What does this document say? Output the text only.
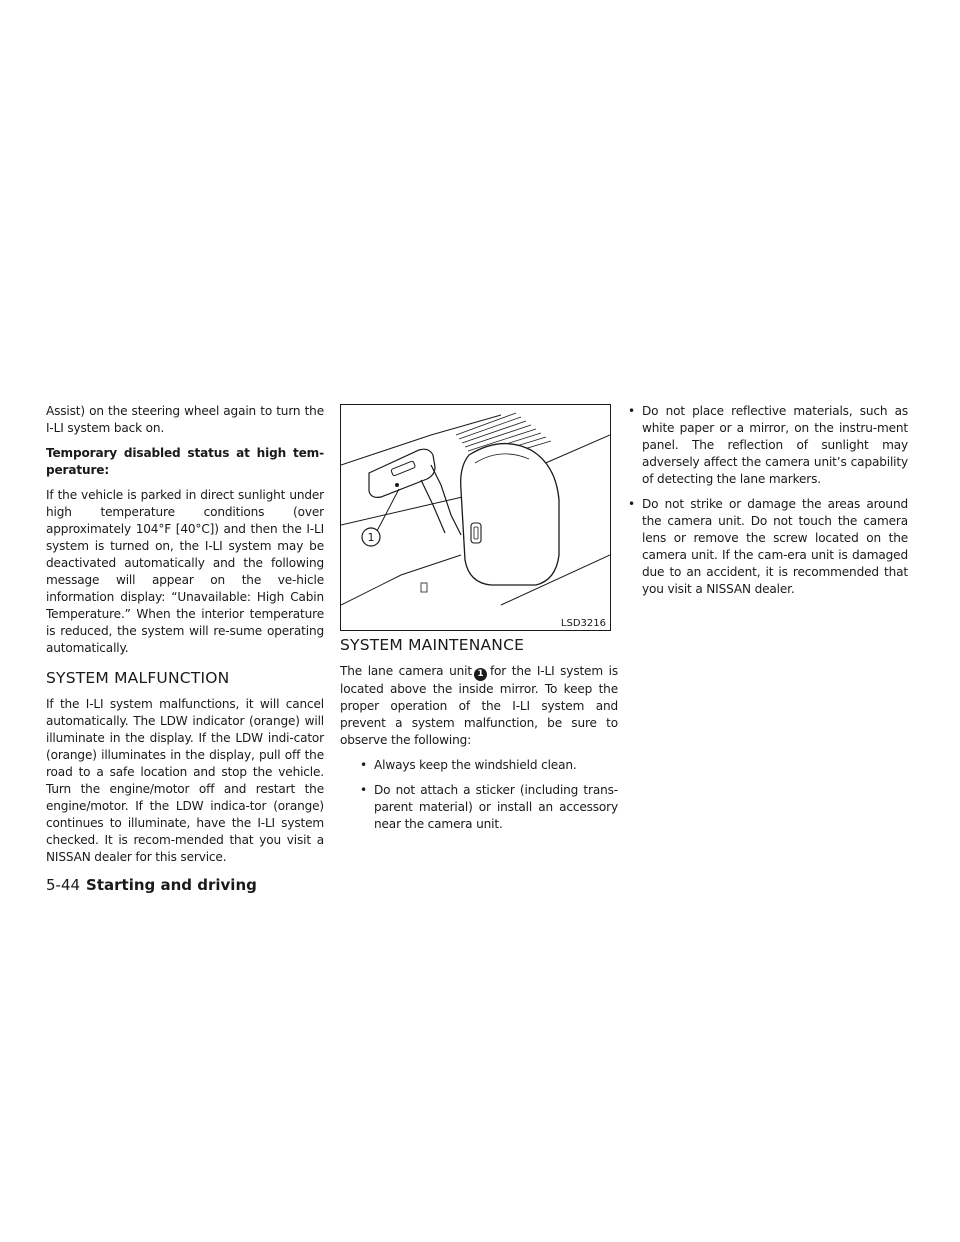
Assist) on the steering wheel again to turn the I-LI system back on.

Temporary disabled status at high tem-perature:

If the vehicle is parked in direct sunlight under high temperature conditions (over approximately 104°F [40°C]) and then the I-LI system is turned on, the I-LI system may be deactivated automatically and the following message will appear on the ve-hicle information display: “Unavailable: High Cabin Temperature.” When the interior temperature is reduced, the system will re-sume operating automatically.

SYSTEM MALFUNCTION

If the I-LI system malfunctions, it will cancel automatically. The LDW indicator (orange) will illuminate in the display. If the LDW indi-cator (orange) illuminates in the display, pull off the road to a safe location and stop the vehicle. Turn the engine/motor off and restart the engine/motor. If the LDW indica-tor (orange) continues to illuminate, have the I-LI system checked. It is recom-mended that you visit a NISSAN dealer for this service.

1
LSD3216
SYSTEM MAINTENANCE

The lane camera unit 1 for the I-LI system is located above the inside mirror. To keep the proper operation of the I-LI system and prevent a system malfunction, be sure to observe the following:

• Always keep the windshield clean.
• Do not attach a sticker (including trans-parent material) or install an accessory near the camera unit.
• Do not place reflective materials, such as white paper or a mirror, on the instru-ment panel. The reflection of sunlight may adversely affect the camera unit’s capability of detecting the lane markers.
• Do not strike or damage the areas around the camera unit. Do not touch the camera lens or remove the screw located on the camera unit. If the cam-era unit is damaged due to an accident, it is recommended that you visit a NISSAN dealer.
5-44 Starting and driving
